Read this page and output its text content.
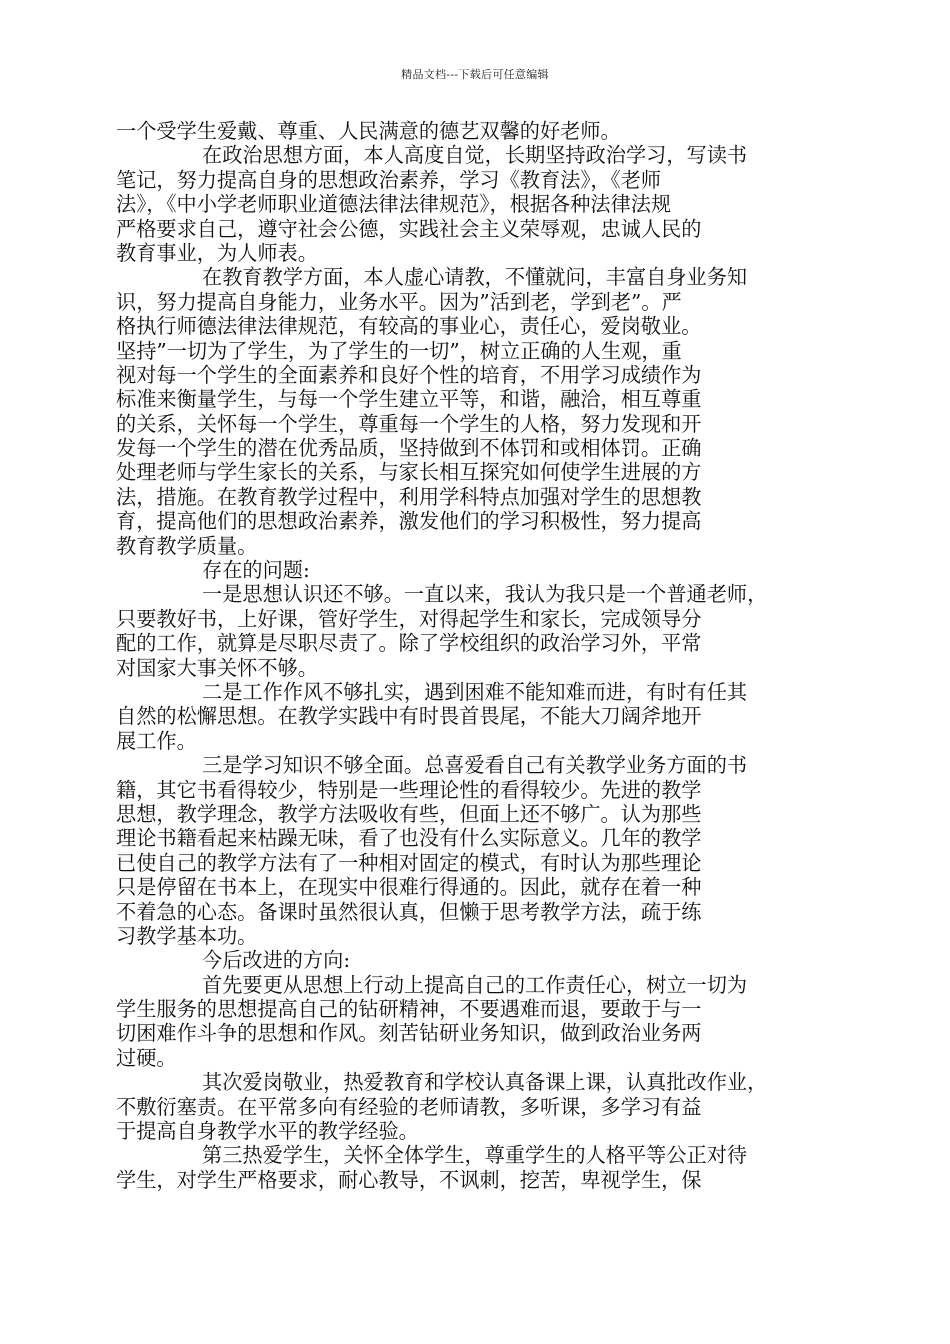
精品文档---下载后可任意编辑
一个受学生爱戴、尊重、人民满意的德艺双馨的好老师。
在政治思想方面，本人高度自觉，长期坚持政治学习，写读书
笔记，努力提高自身的思想政治素养，学习《教育法》，《老师
法》，《中小学老师职业道德法律法律规范》，根据各种法律法规
严格要求自己，遵守社会公德，实践社会主义荣辱观，忠诚人民的
教育事业，为人师表。
在教育教学方面，本人虚心请教，不懂就问，丰富自身业务知
识，努力提高自身能力，业务水平。因为”活到老，学到老”。严
格执行师德法律法律规范，有较高的事业心，责任心，爱岗敬业。
坚持”一切为了学生，为了学生的一切”，树立正确的人生观，重
视对每一个学生的全面素养和良好个性的培育，不用学习成绩作为
标准来衡量学生，与每一个学生建立平等，和谐，融洽，相互尊重
的关系，关怀每一个学生，尊重每一个学生的人格，努力发现和开
发每一个学生的潜在优秀品质，坚持做到不体罚和或相体罚。正确
处理老师与学生家长的关系，与家长相互探究如何使学生进展的方
法，措施。在教育教学过程中，利用学科特点加强对学生的思想教
育，提高他们的思想政治素养，激发他们的学习积极性，努力提高
教育教学质量。
存在的问题:
一是思想认识还不够。一直以来，我认为我只是一个普通老师，
只要教好书，上好课，管好学生，对得起学生和家长，完成领导分
配的工作，就算是尽职尽责了。除了学校组织的政治学习外，平常
对国家大事关怀不够。
二是工作作风不够扎实，遇到困难不能知难而进，有时有任其
自然的松懈思想。在教学实践中有时畏首畏尾，不能大刀阔斧地开
展工作。
三是学习知识不够全面。总喜爱看自己有关教学业务方面的书
籍，其它书看得较少，特别是一些理论性的看得较少。先进的教学
思想，教学理念，教学方法吸收有些，但面上还不够广。认为那些
理论书籍看起来枯躁无味，看了也没有什么实际意义。几年的教学
已使自己的教学方法有了一种相对固定的模式，有时认为那些理论
只是停留在书本上，在现实中很难行得通的。因此，就存在着一种
不着急的心态。备课时虽然很认真，但懒于思考教学方法，疏于练
习教学基本功。
今后改进的方向:
首先要更从思想上行动上提高自己的工作责任心，树立一切为
学生服务的思想提高自己的钻研精神，不要遇难而退，要敢于与一
切困难作斗争的思想和作风。刻苦钻研业务知识，做到政治业务两
过硬。
其次爱岗敬业，热爱教育和学校认真备课上课，认真批改作业，
不敷衍塞责。在平常多向有经验的老师请教，多听课，多学习有益
于提高自身教学水平的教学经验。
第三热爱学生，关怀全体学生，尊重学生的人格平等公正对待
学生，对学生严格要求，耐心教导，不讽刺，挖苦，卑视学生，保
